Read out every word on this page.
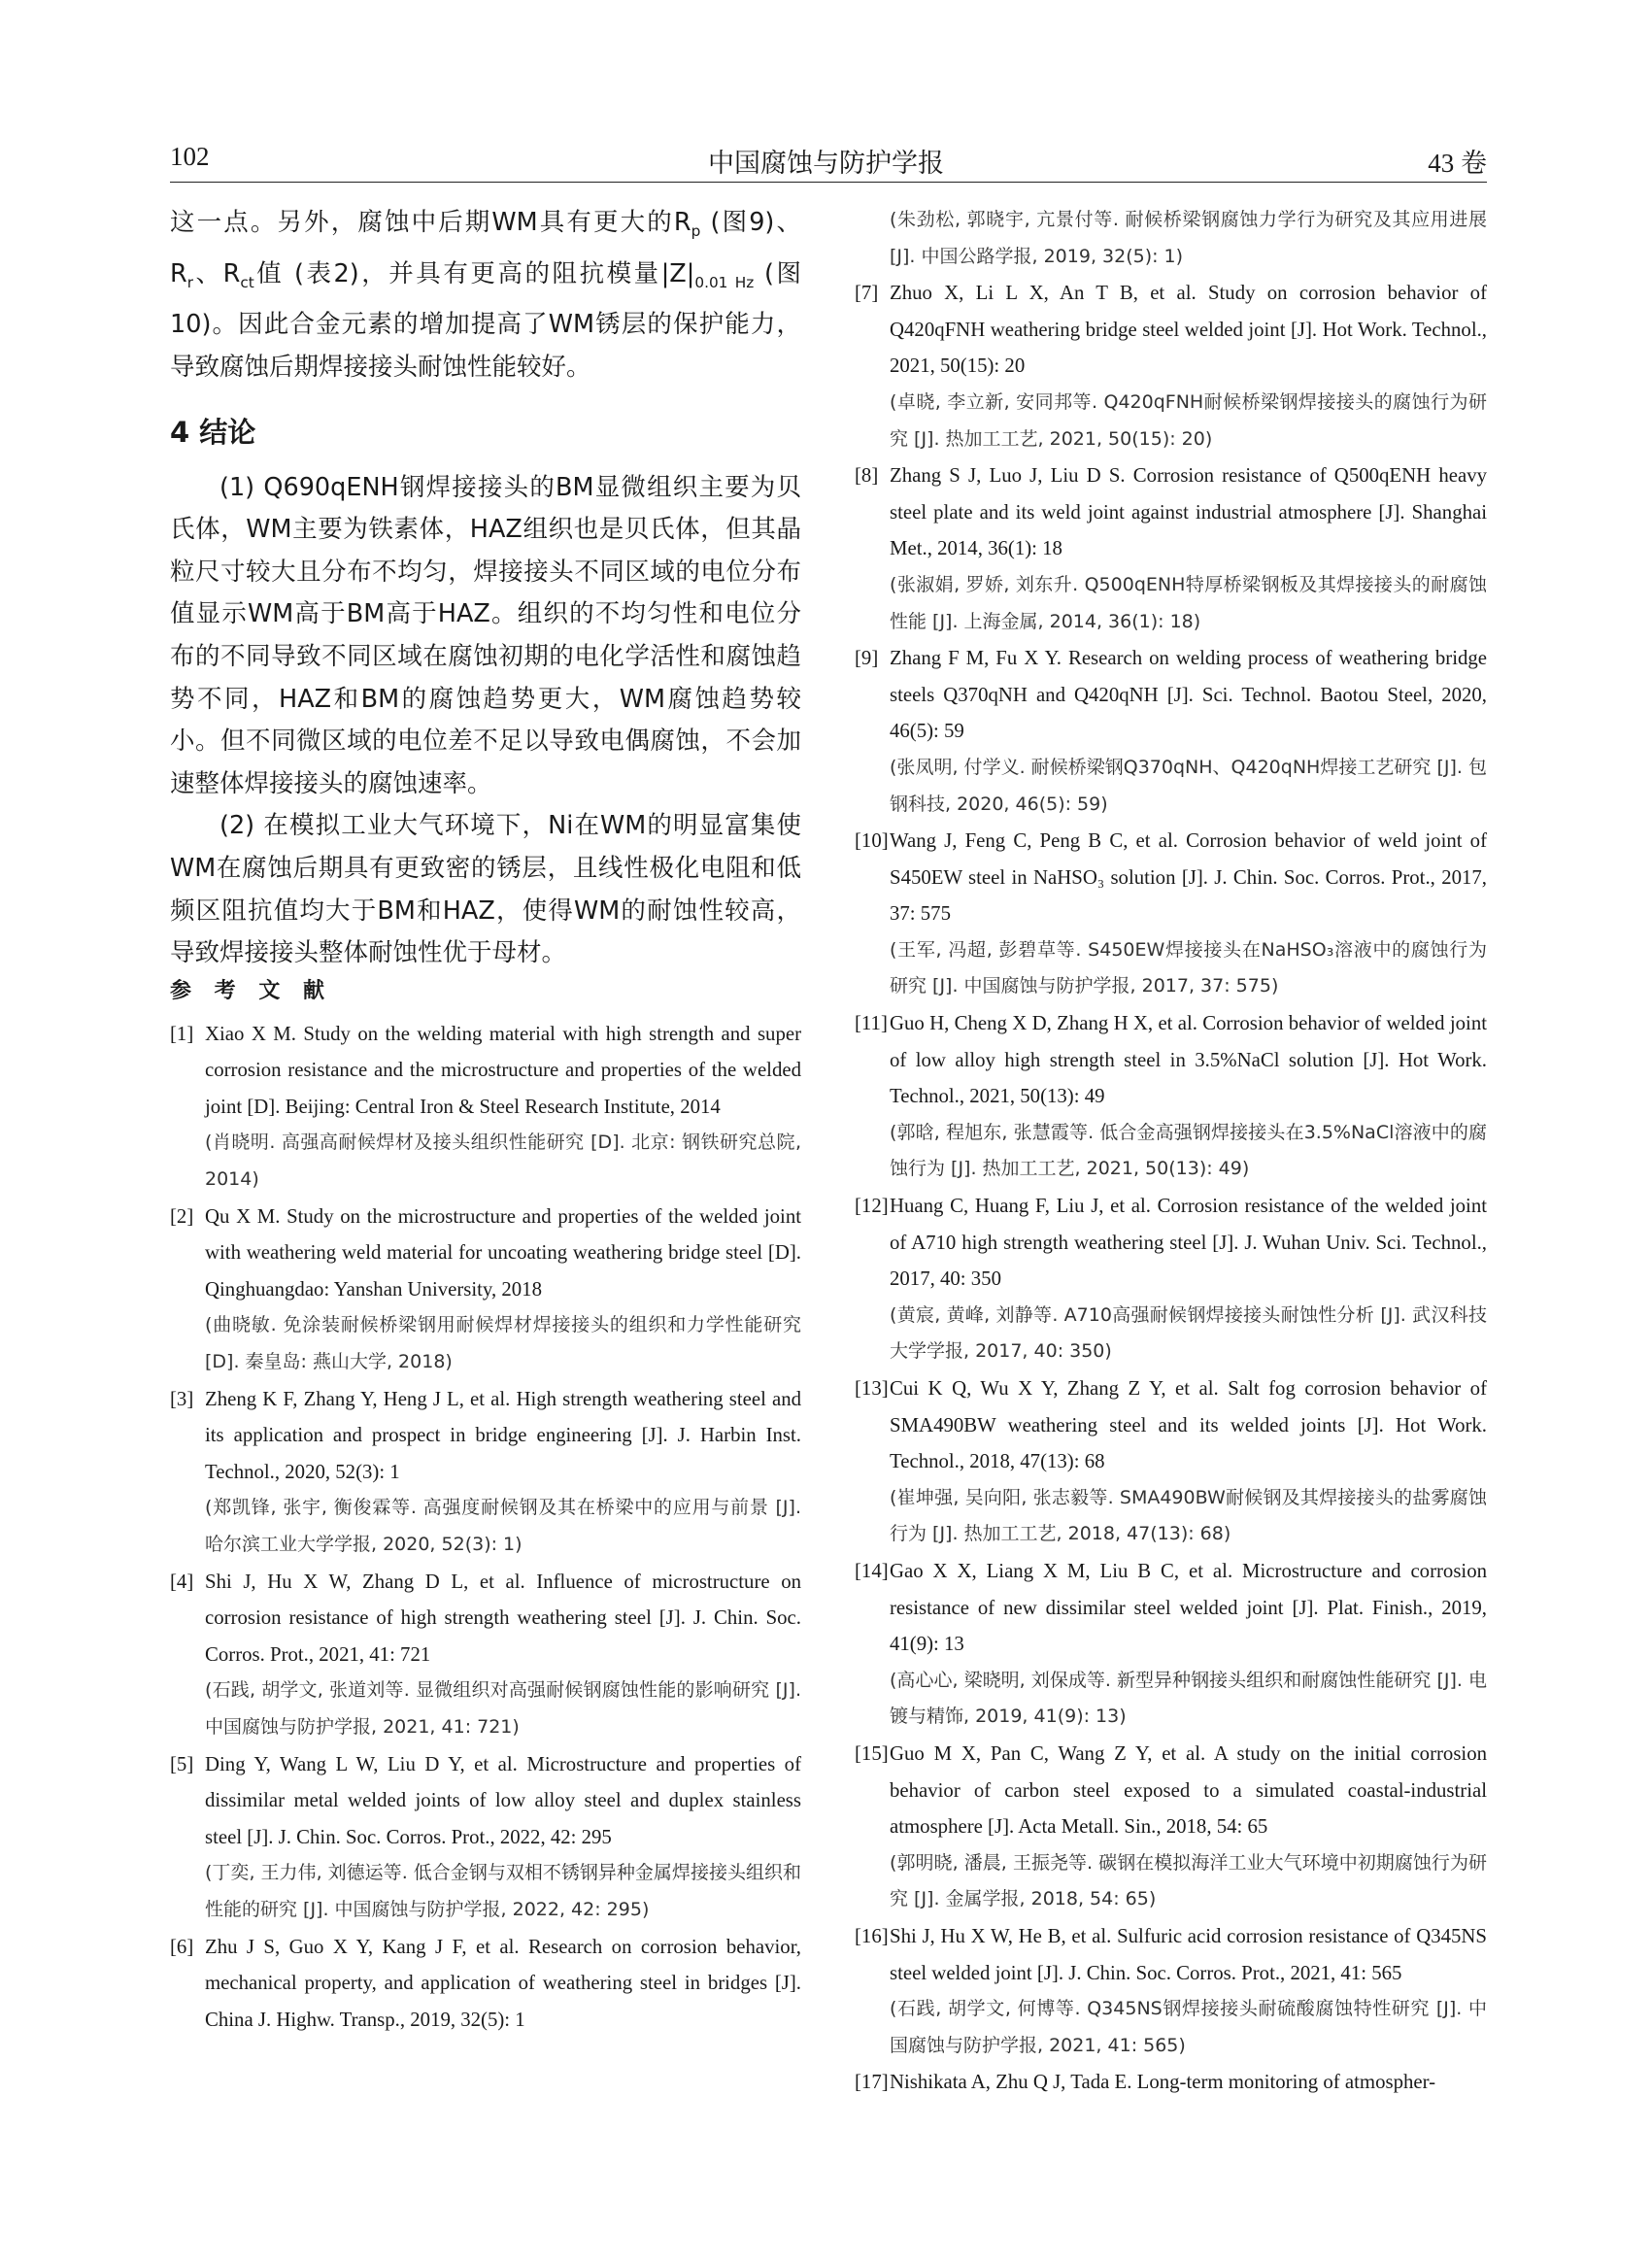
102	中国腐蚀与防护学报	43 卷

这一点。另外，腐蚀中后期WM具有更大的$R_p$ (图9)、$R_r$、$R_{ct}$值 (表2)，并具有更高的阻抗模量$|Z|_{0.01 Hz}$ (图10)。因此合金元素的增加提高了WM锈层的保护能力，导致腐蚀后期焊接接头耐蚀性能较好。

4 结论

(1) Q690qENH钢焊接接头的BM显微组织主要为贝氏体，WM主要为铁素体，HAZ组织也是贝氏体，但其晶粒尺寸较大且分布不均匀，焊接接头不同区域的电位分布值显示WM高于BM高于HAZ。组织的不均匀性和电位分布的不同导致不同区域在腐蚀初期的电化学活性和腐蚀趋势不同，HAZ和BM的腐蚀趋势更大，WM腐蚀趋势较小。但不同微区域的电位差不足以导致电偶腐蚀，不会加速整体焊接接头的腐蚀速率。

(2) 在模拟工业大气环境下，Ni在WM的明显富集使WM在腐蚀后期具有更致密的锈层，且线性极化电阻和低频区阻抗值均大于BM和HAZ，使得WM的耐蚀性较高，导致焊接接头整体耐蚀性优于母材。

参 考 文 献
[1] Xiao X M. Study on the welding material with high strength and super corrosion resistance and the microstructure and properties of the welded joint [D]. Beijing: Central Iron & Steel Research Institute, 2014
(肖晓明. 高强高耐候焊材及接头组织性能研究 [D]. 北京: 钢铁研究总院, 2014)
[2] Qu X M. Study on the microstructure and properties of the welded joint with weathering weld material for uncoating weathering bridge steel [D]. Qinghuangdao: Yanshan University, 2018
(曲晓敏. 免涂装耐候桥梁钢用耐候焊材焊接接头的组织和力学性能研究 [D]. 秦皇岛: 燕山大学, 2018)
[3] Zheng K F, Zhang Y, Heng J L, et al. High strength weathering steel and its application and prospect in bridge engineering [J]. J. Harbin Inst. Technol., 2020, 52(3): 1
(郑凯锋, 张宇, 衡俊霖等. 高强度耐候钢及其在桥梁中的应用与前景 [J]. 哈尔滨工业大学学报, 2020, 52(3): 1)
[4] Shi J, Hu X W, Zhang D L, et al. Influence of microstructure on corrosion resistance of high strength weathering steel [J]. J. Chin. Soc. Corros. Prot., 2021, 41: 721
(石践, 胡学文, 张道刘等. 显微组织对高强耐候钢腐蚀性能的影响研究 [J]. 中国腐蚀与防护学报, 2021, 41: 721)
[5] Ding Y, Wang L W, Liu D Y, et al. Microstructure and properties of dissimilar metal welded joints of low alloy steel and duplex stainless steel [J]. J. Chin. Soc. Corros. Prot., 2022, 42: 295
(丁奕, 王力伟, 刘德运等. 低合金钢与双相不锈钢异种金属焊接接头组织和性能的研究 [J]. 中国腐蚀与防护学报, 2022, 42: 295)
[6] Zhu J S, Guo X Y, Kang J F, et al. Research on corrosion behavior, mechanical property, and application of weathering steel in bridges [J]. China J. Highw. Transp., 2019, 32(5): 1
(朱劲松, 郭晓宇, 亢景付等. 耐候桥梁钢腐蚀力学行为研究及其应用进展 [J]. 中国公路学报, 2019, 32(5): 1)
[7] Zhuo X, Li L X, An T B, et al. Study on corrosion behavior of Q420qFNH weathering bridge steel welded joint [J]. Hot Work. Technol., 2021, 50(15): 20
(卓晓, 李立新, 安同邦等. Q420qFNH耐候桥梁钢焊接接头的腐蚀行为研究 [J]. 热加工工艺, 2021, 50(15): 20)
[8] Zhang S J, Luo J, Liu D S. Corrosion resistance of Q500qENH heavy steel plate and its weld joint against industrial atmosphere [J]. Shanghai Met., 2014, 36(1): 18
(张淑娟, 罗娇, 刘东升. Q500qENH特厚桥梁钢板及其焊接接头的耐腐蚀性能 [J]. 上海金属, 2014, 36(1): 18)
[9] Zhang F M, Fu X Y. Research on welding process of weathering bridge steels Q370qNH and Q420qNH [J]. Sci. Technol. Baotou Steel, 2020, 46(5): 59
(张凤明, 付学义. 耐候桥梁钢Q370qNH、Q420qNH焊接工艺研究 [J]. 包钢科技, 2020, 46(5): 59)
[10] Wang J, Feng C, Peng B C, et al. Corrosion behavior of weld joint of S450EW steel in NaHSO₃ solution [J]. J. Chin. Soc. Corros. Prot., 2017, 37: 575
(王军, 冯超, 彭碧草等. S450EW焊接接头在NaHSO₃溶液中的腐蚀行为研究 [J]. 中国腐蚀与防护学报, 2017, 37: 575)
[11] Guo H, Cheng X D, Zhang H X, et al. Corrosion behavior of welded joint of low alloy high strength steel in 3.5%NaCl solution [J]. Hot Work. Technol., 2021, 50(13): 49
(郭晗, 程旭东, 张慧霞等. 低合金高强钢焊接接头在3.5%NaCl溶液中的腐蚀行为 [J]. 热加工工艺, 2021, 50(13): 49)
[12] Huang C, Huang F, Liu J, et al. Corrosion resistance of the welded joint of A710 high strength weathering steel [J]. J. Wuhan Univ. Sci. Technol., 2017, 40: 350
(黄宸, 黄峰, 刘静等. A710高强耐候钢焊接接头耐蚀性分析 [J]. 武汉科技大学学报, 2017, 40: 350)
[13] Cui K Q, Wu X Y, Zhang Z Y, et al. Salt fog corrosion behavior of SMA490BW weathering steel and its welded joints [J]. Hot Work. Technol., 2018, 47(13): 68
(崔坤强, 吴向阳, 张志毅等. SMA490BW耐候钢及其焊接接头的盐雾腐蚀行为 [J]. 热加工工艺, 2018, 47(13): 68)
[14] Gao X X, Liang X M, Liu B C, et al. Microstructure and corrosion resistance of new dissimilar steel welded joint [J]. Plat. Finish., 2019, 41(9): 13
(高心心, 梁晓明, 刘保成等. 新型异种钢接头组织和耐腐蚀性能研究 [J]. 电镀与精饰, 2019, 41(9): 13)
[15] Guo M X, Pan C, Wang Z Y, et al. A study on the initial corrosion behavior of carbon steel exposed to a simulated coastal-industrial atmosphere [J]. Acta Metall. Sin., 2018, 54: 65
(郭明晓, 潘晨, 王振尧等. 碳钢在模拟海洋工业大气环境中初期腐蚀行为研究 [J]. 金属学报, 2018, 54: 65)
[16] Shi J, Hu X W, He B, et al. Sulfuric acid corrosion resistance of Q345NS steel welded joint [J]. J. Chin. Soc. Corros. Prot., 2021, 41: 565
(石践, 胡学文, 何博等. Q345NS钢焊接接头耐硫酸腐蚀特性研究 [J]. 中国腐蚀与防护学报, 2021, 41: 565)
[17] Nishikata A, Zhu Q J, Tada E. Long-term monitoring of atmospher-
